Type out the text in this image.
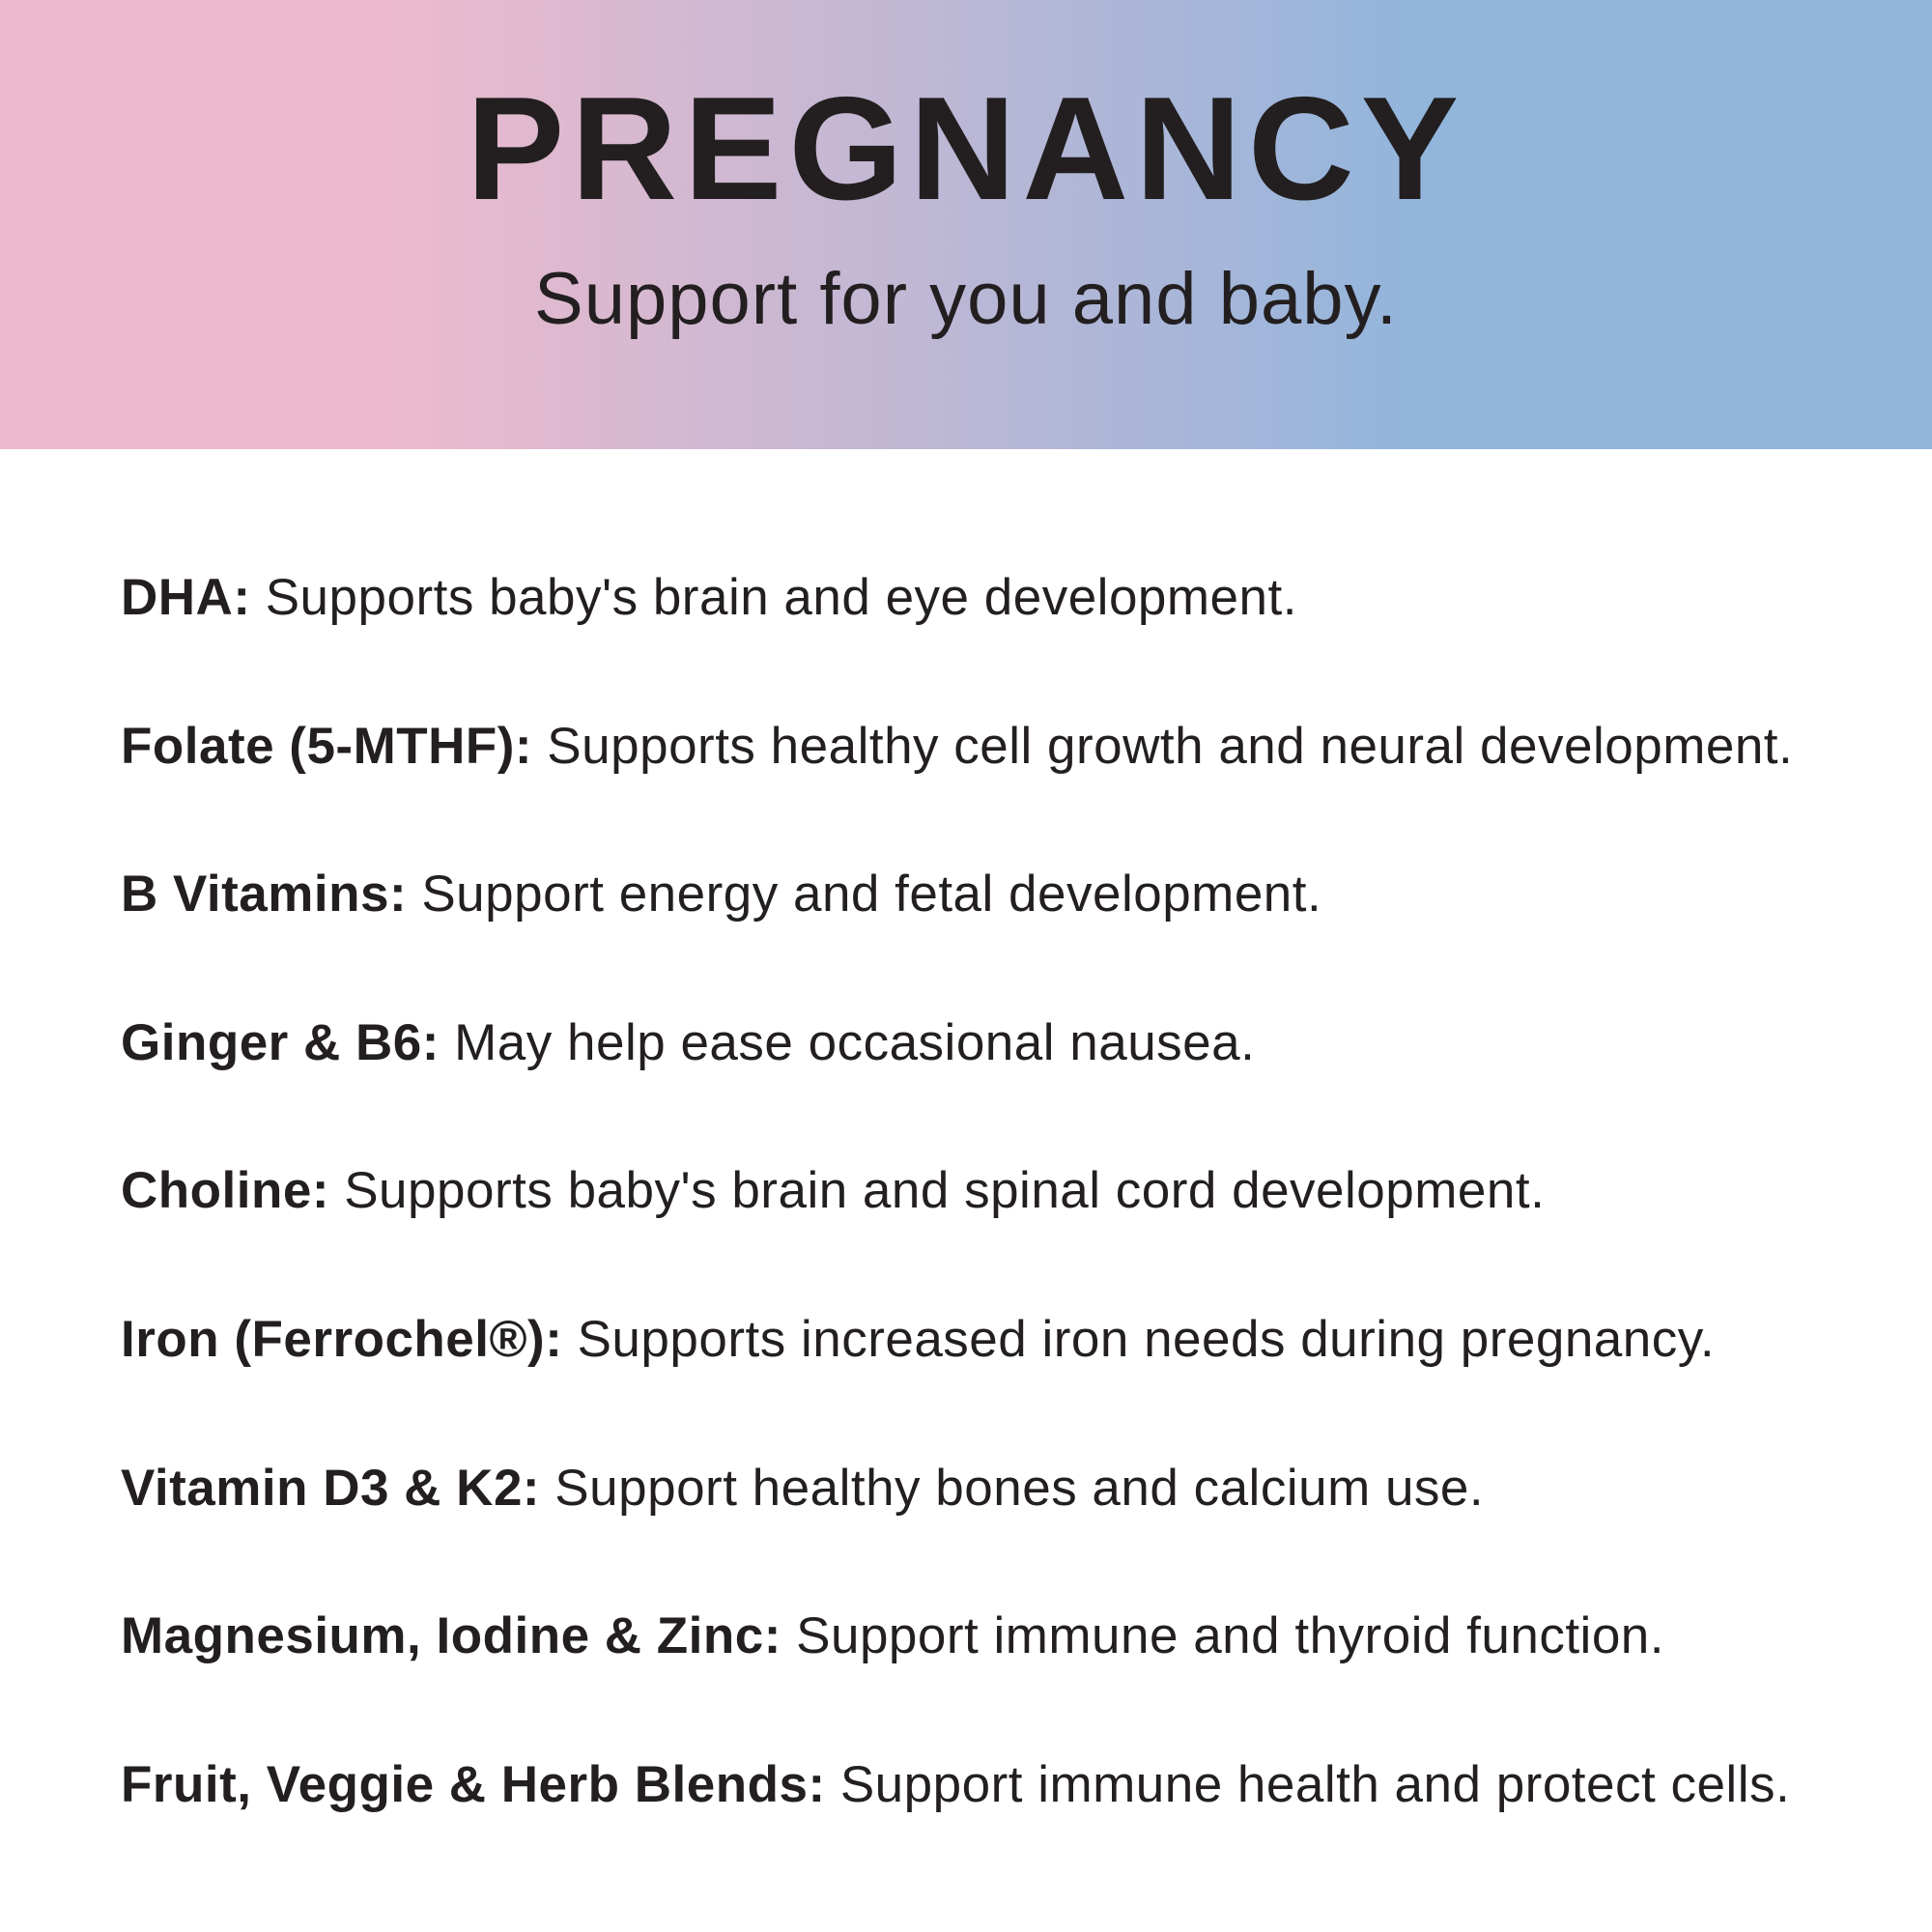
PREGNANCY

Support for you and baby.

DHA: Supports baby's brain and eye development.

Folate (5-MTHF): Supports healthy cell growth and neural development.

B Vitamins: Support energy and fetal development.

Ginger & B6: May help ease occasional nausea.

Choline: Supports baby's brain and spinal cord development.

Iron (Ferrochel®): Supports increased iron needs during pregnancy.

Vitamin D3 & K2: Support healthy bones and calcium use.

Magnesium, Iodine & Zinc: Support immune and thyroid function.

Fruit, Veggie & Herb Blends: Support immune health and protect cells.
